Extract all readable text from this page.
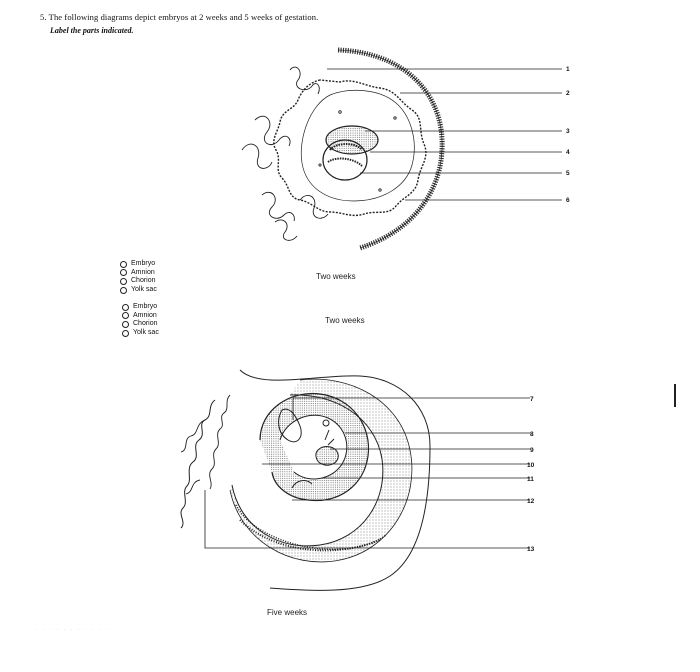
5. The following diagrams depict embryos at 2 weeks and 5 weeks of gestation.
Label the parts indicated.
1
2
3
4
5
6
7
8
9
10
11
12
13
Two weeks
Two weeks
Five weeks
Embryo
Amnion
Chorion
Yolk sac
Embryo
Amnion
Chorion
Yolk sac
· · · · · · · · · · ·
